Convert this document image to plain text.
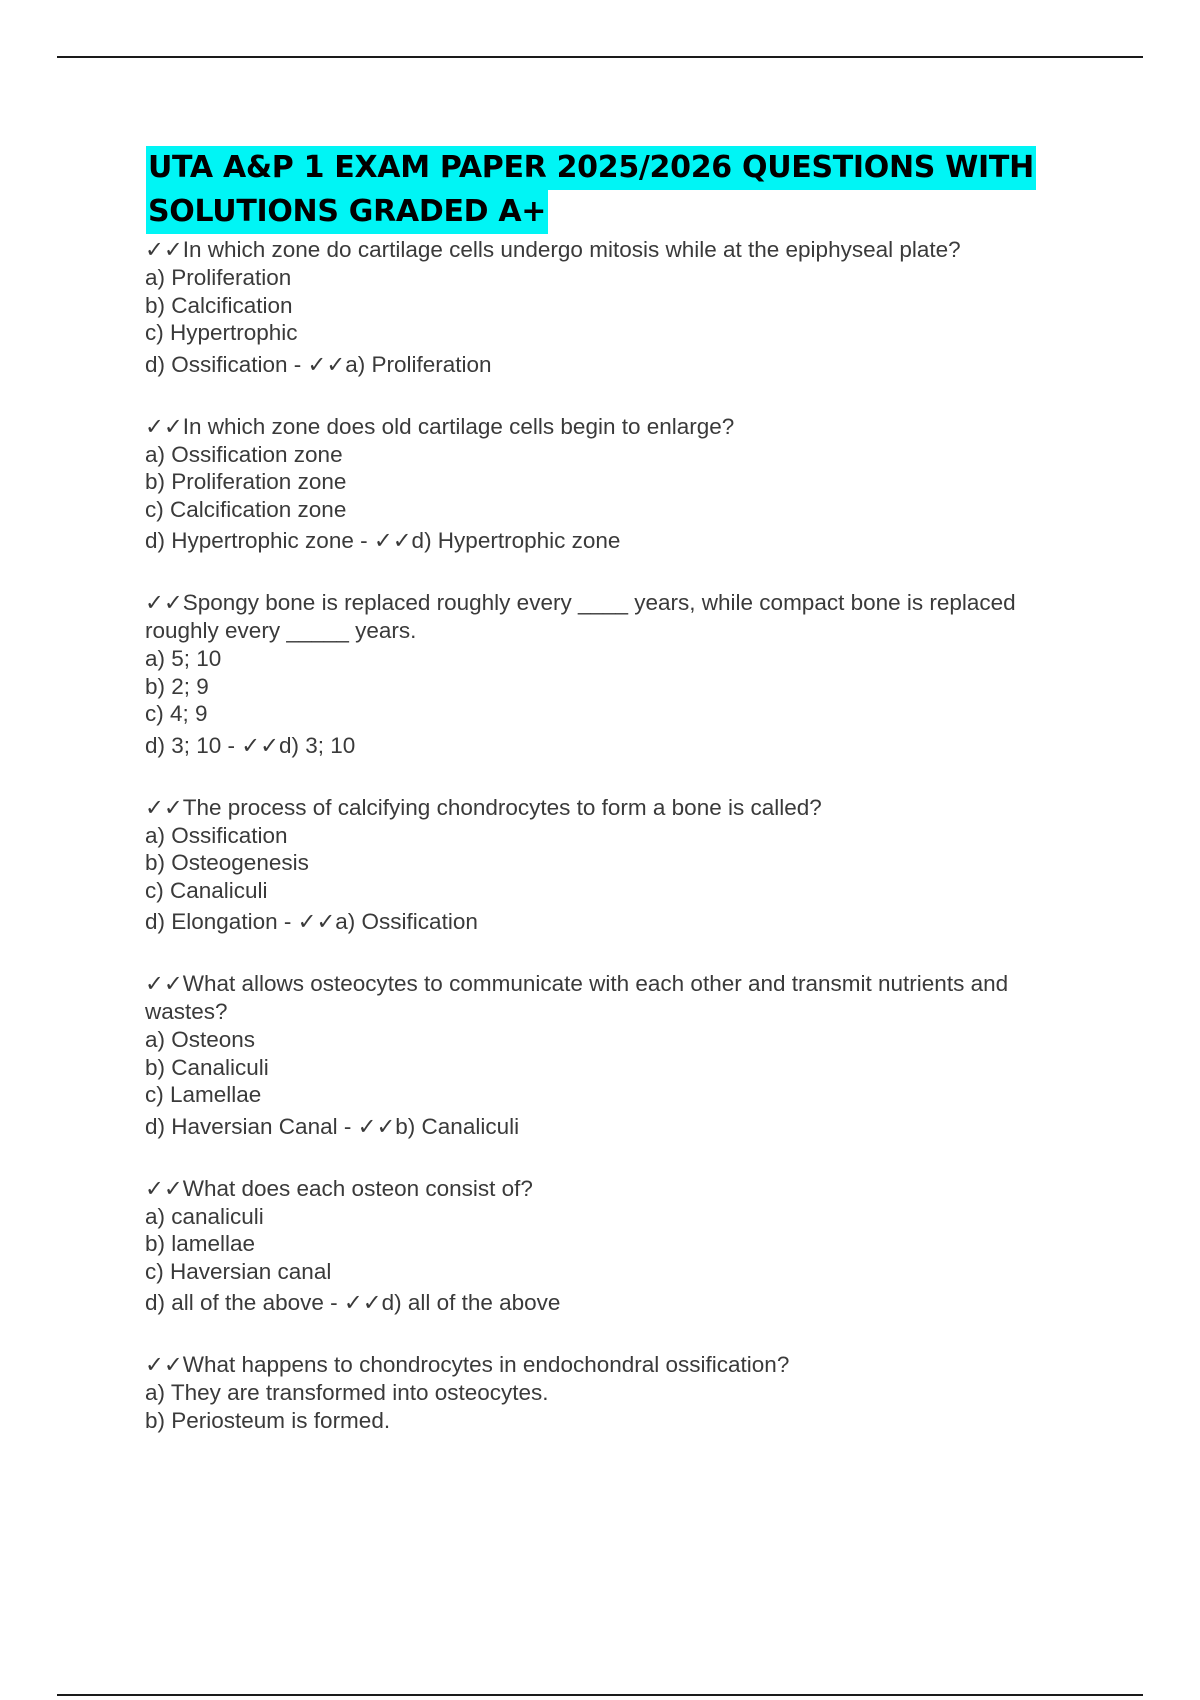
UTA A&P 1 EXAM PAPER 2025/2026 QUESTIONS WITH
SOLUTIONS GRADED A+

✓✓In which zone do cartilage cells undergo mitosis while at the epiphyseal plate?

a) Proliferation

b) Calcification

c) Hypertrophic

d) Ossification - ✓✓a) Proliferation

✓✓In which zone does old cartilage cells begin to enlarge?

a) Ossification zone

b) Proliferation zone

c) Calcification zone

d) Hypertrophic zone - ✓✓d) Hypertrophic zone

✓✓Spongy bone is replaced roughly every ____ years, while compact bone is replaced roughly every _____ years.

a) 5; 10

b) 2; 9

c) 4; 9

d) 3; 10 - ✓✓d) 3; 10

✓✓The process of calcifying chondrocytes to form a bone is called?

a) Ossification

b) Osteogenesis

c) Canaliculi

d) Elongation - ✓✓a) Ossification

✓✓What allows osteocytes to communicate with each other and transmit nutrients and wastes?

a) Osteons

b) Canaliculi

c) Lamellae

d) Haversian Canal - ✓✓b) Canaliculi

✓✓What does each osteon consist of?

a) canaliculi

b) lamellae

c) Haversian canal

d) all of the above - ✓✓d) all of the above

✓✓What happens to chondrocytes in endochondral ossification?

a) They are transformed into osteocytes.

b) Periosteum is formed.
